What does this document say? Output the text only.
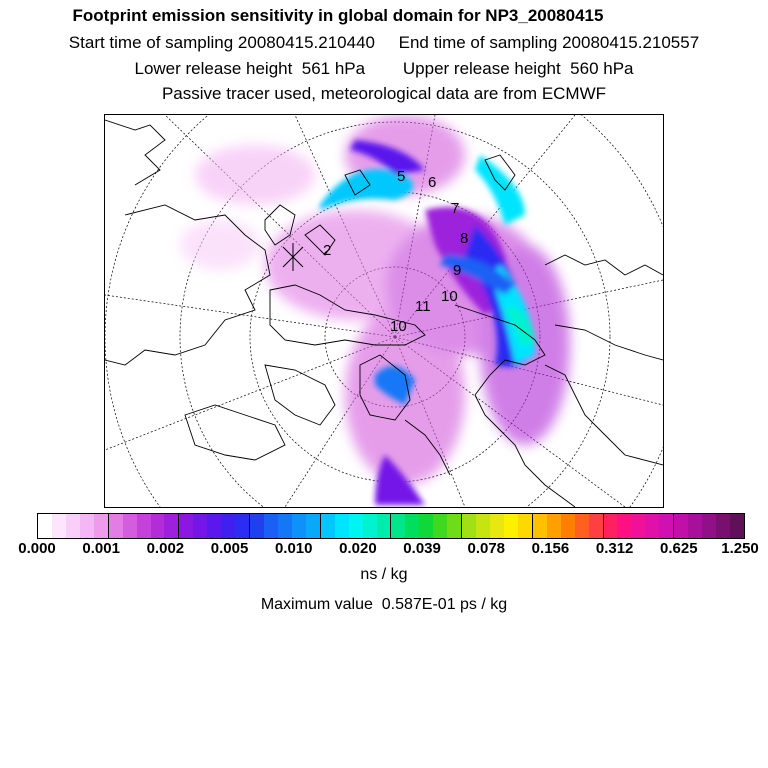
Footprint emission sensitivity in global domain for NP3_20080415
Start time of sampling 20080415.210440     End time of sampling 20080415.210557
Lower release height  561 hPa        Upper release height  560 hPa
Passive tracer used, meteorological data are from ECMWF
2
5 6
7
8
9
10
11
10
0.000 0.001 0.002 0.005 0.010 0.020 0.039 0.078 0.156 0.312 0.625 1.250
ns / kg
Maximum value  0.587E-01 ps / kg
